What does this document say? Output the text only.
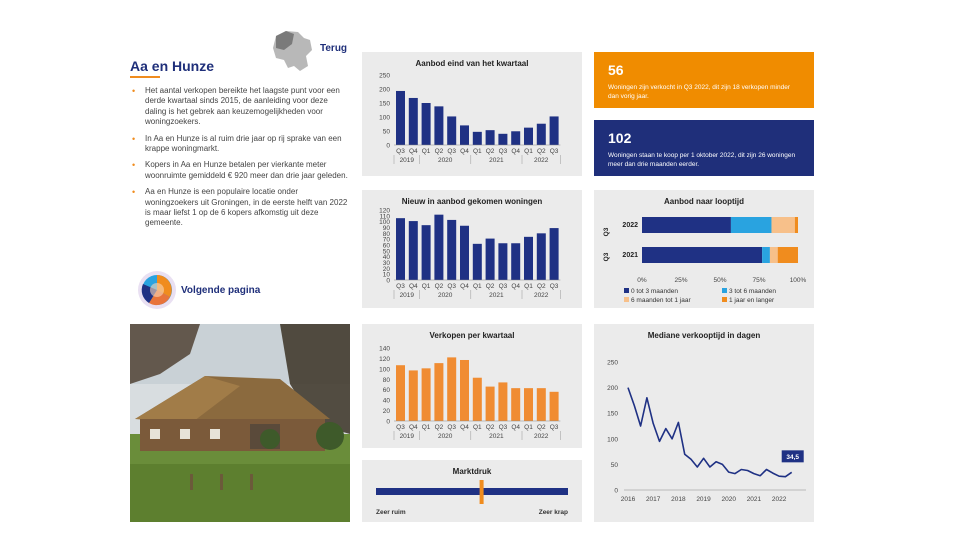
Aa en Hunze
Terug
• Het aantal verkopen bereikte het laagste punt voor een derde kwartaal sinds 2015, de aanleiding voor deze daling is het gebrek aan keuzemogelijkheden voor woningzoekers.
• In Aa en Hunze is al ruim drie jaar op rij sprake van een krappe woningmarkt.
• Kopers in Aa en Hunze betalen per vierkante meter woonruimte gemiddeld € 920 meer dan drie jaar geleden.
• Aa en Hunze is een populaire locatie onder woningzoekers uit Groningen, in de eerste helft van 2022 is maar liefst 1 op de 6 kopers afkomstig uit deze gemeente.
Volgende pagina
Aanbod eind van het kwartaal
0
50
100
150
200
250
Q3 Q4 Q1 Q2 Q3 Q4 Q1 Q2 Q3 Q4 Q1 Q2 Q3
2019	2020	2021	2022
Nieuw in aanbod gekomen woningen
0
10
20
30
40
50
60
70
80
90
100
110
120
Q3 Q4 Q1 Q2 Q3 Q4 Q1 Q2 Q3 Q4 Q1 Q2 Q3
2019	2020	2021	2022
Verkopen per kwartaal
0
20
40
60
80
100
120
140
Q3 Q4 Q1 Q2 Q3 Q4 Q1 Q2 Q3 Q4 Q1 Q2 Q3
2019	2020	2021	2022
Marktdruk
Zeer ruim	Zeer krap
56
Woningen zijn verkocht in Q3 2022, dit zijn 18 verkopen minder dan vorig jaar.
102
Woningen staan te koop per 1 oktober 2022, dit zijn 26 woningen meer dan drie maanden eerder.
Aanbod naar looptijd
Q3
Q3
2022
2021
0%	25%	50%	75%	100%
0 tot 3 maanden	3 tot 6 maanden
6 maanden tot 1 jaar	1 jaar en langer
Mediane verkooptijd in dagen
0
50
100
150
200
250
2016 2017 2018 2019 2020 2021 2022
34,5
